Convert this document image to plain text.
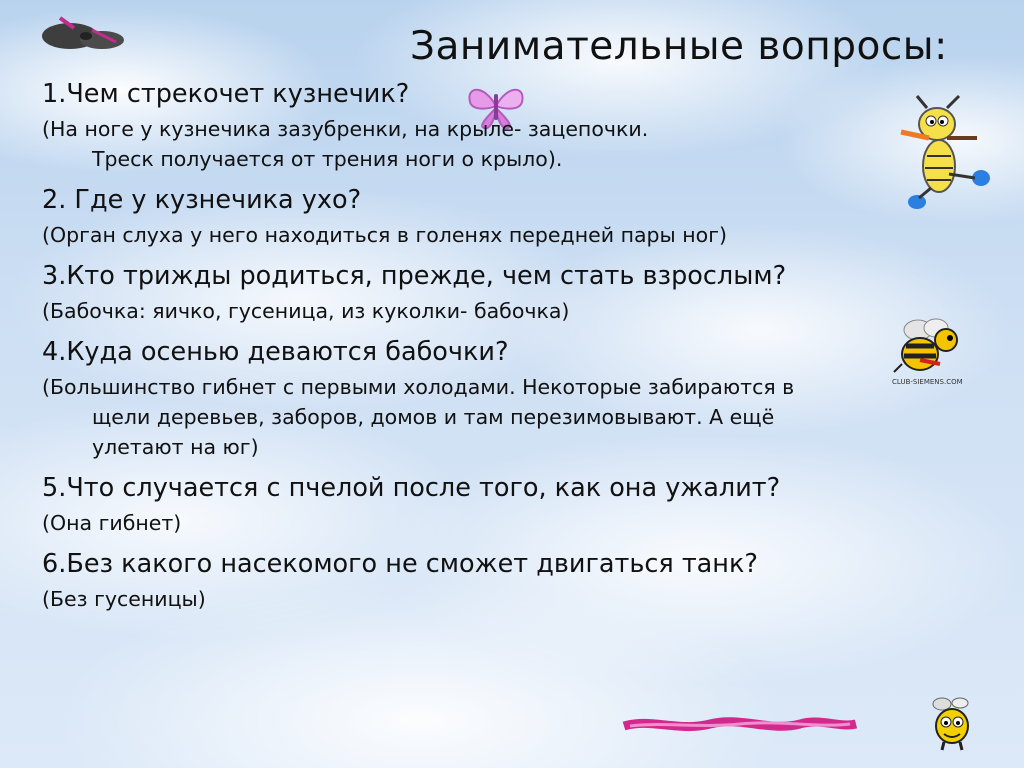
Занимательные вопросы:
CLUB-SIEMENS.COM

1.Чем стрекочет кузнечик?

(На ноге у кузнечика зазубренки, на крыле- зацепочки.
Треск получается от трения ноги о крыло).

2. Где у кузнечика ухо?

(Орган слуха у него находиться в голенях передней пары ног)

3.Кто трижды родиться, прежде, чем стать взрослым?

(Бабочка: яичко, гусеница, из куколки- бабочка)

4.Куда осенью деваются бабочки?

(Большинство гибнет с первыми холодами. Некоторые забираются в
щели деревьев, заборов, домов и там перезимовывают. А ещё
улетают на юг)

5.Что случается с пчелой после того, как она ужалит?

(Она гибнет)

6.Без какого насекомого не сможет двигаться танк?

(Без гусеницы)
